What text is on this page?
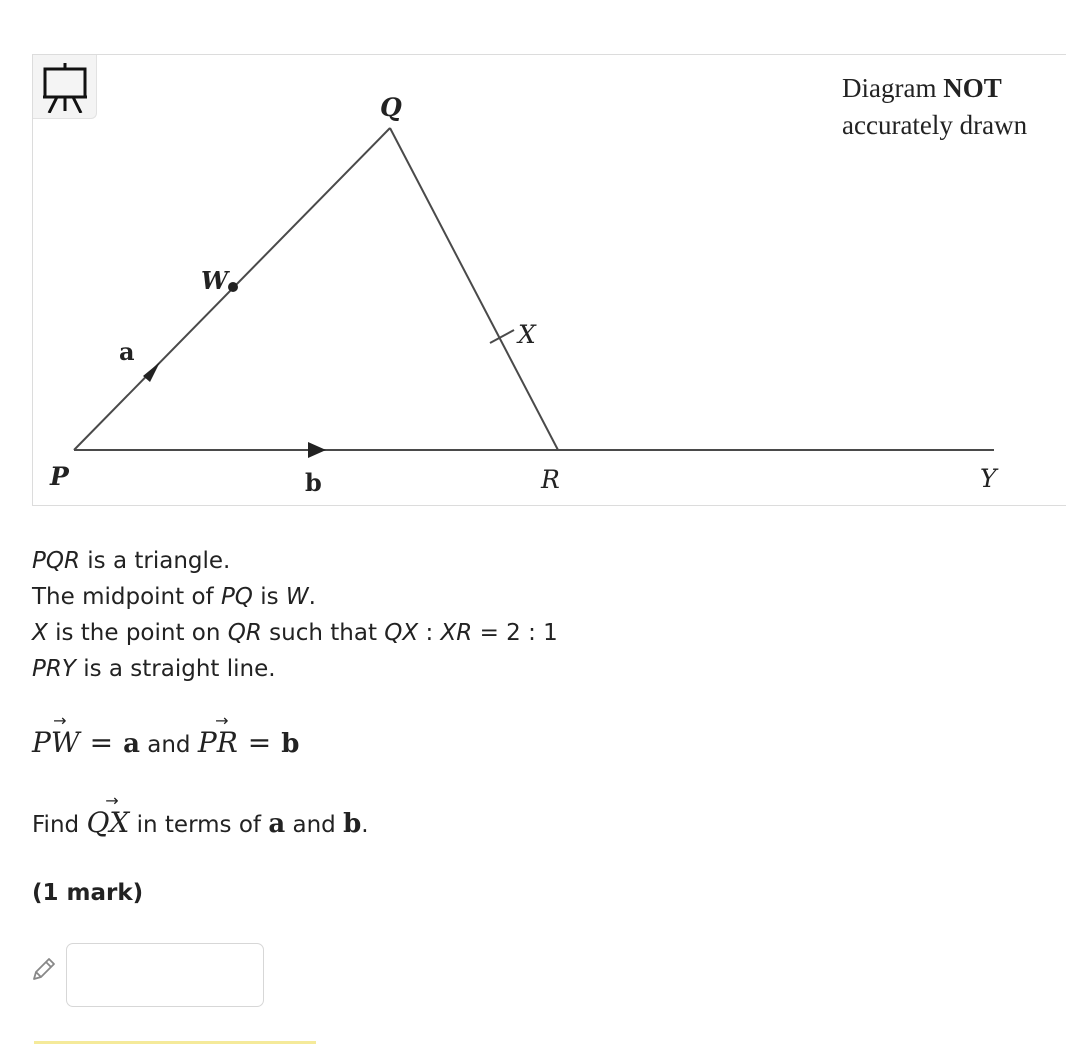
P
Q
R	Y
W
X
a
b
Diagram NOT
accurately drawn
PQR is a triangle.
The midpoint of PQ is W.
X is the point on QR such that QX : XR = 2 : 1
PRY is a straight line.
→
PW = a and
→
PR = b
Find
→
QX in terms of a and b.
(1 mark)
